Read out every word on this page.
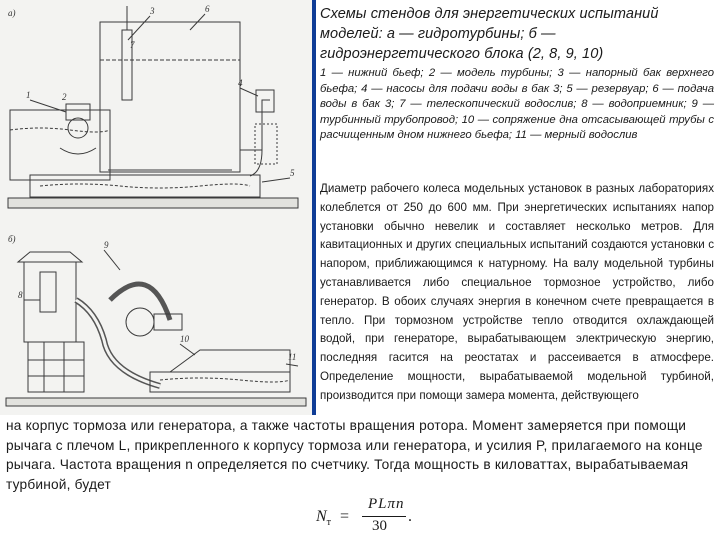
a)
б)
1	2
3
4
5
6
7
8
9
10
11
Схемы стендов для энергетических испытаний моделей: а — гидротурбины; б — гидроэнергетического блока (2, 8, 9, 10)
1 — нижний бьеф; 2 — модель турбины; 3 — напорный бак верхнего бьефа; 4 — насосы для подачи воды в бак 3; 5 — резервуар; 6 — подача воды в бак 3; 7 — телескопический водослив; 8 — водоприемник; 9 — турбинный трубопровод; 10 — сопряжение дна отсасывающей трубы с расчищенным дном нижнего бьефа; 11 — мерный водослив
Диаметр рабочего колеса модельных установок в разных лабораториях колеблется от 250 до 600 мм. При энергетических испытаниях напор установки обычно невелик и составляет несколько метров. Для кавитационных и других специальных испытаний создаются установки с напором, приближающимся к натурному. На валу модельной турбины устанавливается либо специальное тормозное устройство, либо генератор. В обоих случаях энергия в конечном счете превращается в тепло. При тормозном устройстве тепло отводится охлаждающей водой, при генераторе, вырабатывающем электрическую энергию, последняя гасится на реостатах и рассеивается в атмосфере. Определение мощности, вырабатываемой модельной турбиной, производится при помощи замера момента, действующего
на корпус тормоза или генератора, а также частоты вращения ротора. Момент замеряется при помощи рычага с плечом L, прикрепленного к корпусу тормоза или генератора, и усилия P, прилагаемого на конце рычага. Частота вращения n определяется по счетчику. Тогда мощность в киловаттах, вырабатываемая турбиной, будет
$N_т$ =
PLπn
30
.
